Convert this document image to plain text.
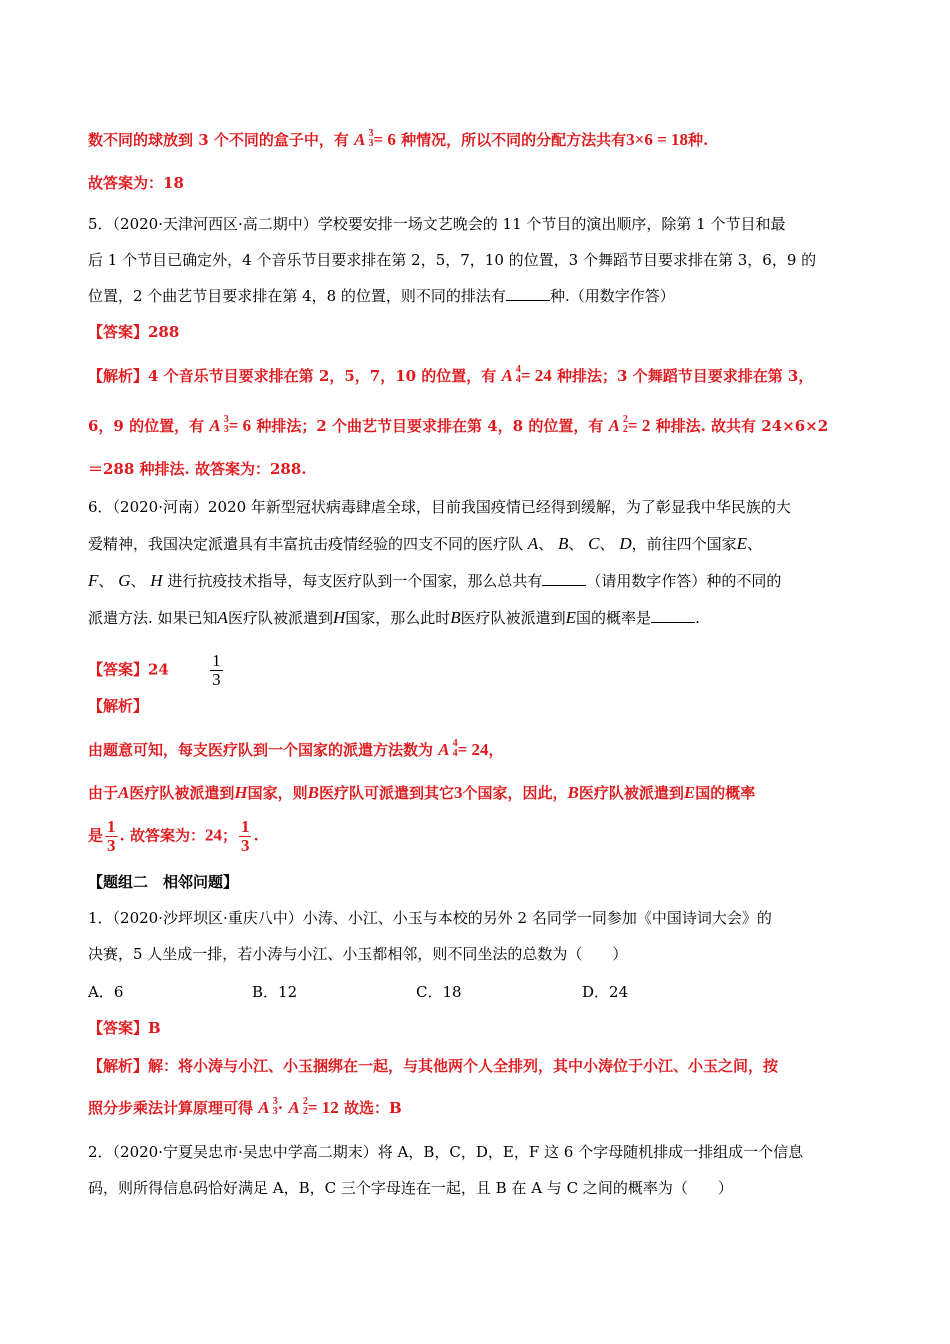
数不同的球放到 3 个不同的盒子中，有 A 3
3 = 6 种情况，所以不同的分配方法共有3×6 = 18种.
故答案为：18
5．（2020·天津河西区·高二期中）学校要安排一场文艺晚会的 11 个节目的演出顺序，除第 1 个节目和最
后 1 个节目已确定外，4 个音乐节目要求排在第 2，5，7，10 的位置，3 个舞蹈节目要求排在第 3，6，9 的
位置，2 个曲艺节目要求排在第 4，8 的位置，则不同的排法有	种.（用数字作答）
【答案】288
【解析】4 个音乐节目要求排在第 2，5，7，10 的位置，有 A 4
4 = 24 种排法；3 个舞蹈节目要求排在第 3，
6，9 的位置，有 A 3
3 = 6 种排法；2 个曲艺节目要求排在第 4，8 的位置，有 A 2
2 = 2 种排法. 故共有 24×6×2
＝288 种排法. 故答案为：288.
6．（2020·河南）2020 年新型冠状病毒肆虐全球，目前我国疫情已经得到缓解，为了彰显我中华民族的大
爱精神，我国决定派遣具有丰富抗击疫情经验的四支不同的医疗队 A、 B、 C、 D，前往四个国家E、
F、 G、 H 进行抗疫技术指导，每支医疗队到一个国家，那么总共有	（请用数字作答）种的不同的
派遣方法. 如果已知A医疗队被派遣到H国家，那么此时B医疗队被派遣到E国的概率是	.
【答案】$24 \frac{1}{3}$
【解析】
由题意可知，每支医疗队到一个国家的派遣方法数为 A 4
4 = 24，
由于A医疗队被派遣到H国家，则B医疗队可派遣到其它3个国家，因此，B医疗队被派遣到E国的概率
是 $\frac{1}{3}$ . 故答案为：24； $\frac{1}{3}$ .
【题组二　相邻问题】
1．（2020·沙坪坝区·重庆八中）小涛、小江、小玉与本校的另外 2 名同学一同参加《中国诗词大会》的
决赛，5 人坐成一排，若小涛与小江、小玉都相邻，则不同坐法的总数为（　　）
A．6	B．12	C．18	D．24
【答案】B
【解析】解：将小涛与小江、小玉捆绑在一起，与其他两个人全排列，其中小涛位于小江、小玉之间，按
照分步乘法计算原理可得 A 3
3 · A 2
2 = 12 故选：B
2．（2020·宁夏吴忠市·吴忠中学高二期末）将 A，B，C，D，E，F 这 6 个字母随机排成一排组成一个信息
码，则所得信息码恰好满足 A，B，C 三个字母连在一起，且 B 在 A 与 C 之间的概率为（　　）
